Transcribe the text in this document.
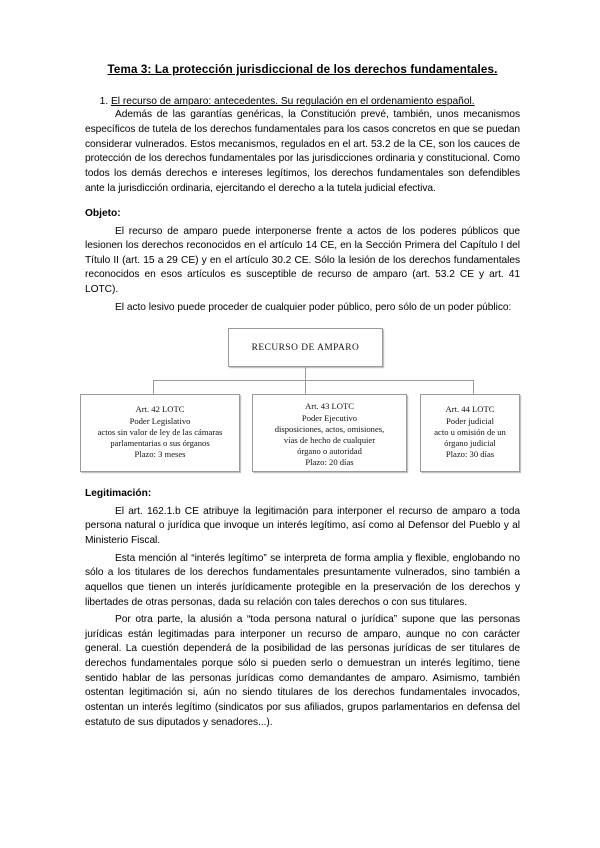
Tema 3: La protección jurisdiccional de los derechos fundamentales.
1. El recurso de amparo: antecedentes. Su regulación en el ordenamiento español.

Además de las garantías genéricas, la Constitución prevé, también, unos mecanismos específicos de tutela de los derechos fundamentales para los casos concretos en que se puedan considerar vulnerados. Estos mecanismos, regulados en el art. 53.2 de la CE, son los cauces de protección de los derechos fundamentales por las jurisdicciones ordinaria y constitucional. Como todos los demás derechos e intereses legítimos, los derechos fundamentales son defendibles ante la jurisdicción ordinaria, ejercitando el derecho a la tutela judicial efectiva.

Objeto:

El recurso de amparo puede interponerse frente a actos de los poderes públicos que lesionen los derechos reconocidos en el artículo 14 CE, en la Sección Primera del Capítulo I del Título II (art. 15 a 29 CE) y en el artículo 30.2 CE. Sólo la lesión de los derechos fundamentales reconocidos en esos artículos es susceptible de recurso de amparo (art. 53.2 CE y art. 41 LOTC).

El acto lesivo puede proceder de cualquier poder público, pero sólo de un poder público:

RECURSO DE AMPARO
Art. 42 LOTC
Poder Legislativo
actos sin valor de ley de las cámaras
parlamentarias o sus órganos
Plazo: 3 meses
Art. 43 LOTC
Poder Ejecutivo
disposiciones, actos, omisiones,
vías de hecho de cualquier
órgano o autoridad
Plazo: 20 días
Art. 44 LOTC
Poder judicial
acto u omisión de un
órgano judicial
Plazo: 30 días
Legitimación:

El art. 162.1.b CE atribuye la legitimación para interponer el recurso de amparo a toda persona natural o jurídica que invoque un interés legítimo, así como al Defensor del Pueblo y al Ministerio Fiscal.

Esta mención al “interés legítimo” se interpreta de forma amplia y flexible, englobando no sólo a los titulares de los derechos fundamentales presuntamente vulnerados, sino también a aquellos que tienen un interés jurídicamente protegible en la preservación de los derechos y libertades de otras personas, dada su relación con tales derechos o con sus titulares.

Por otra parte, la alusión a “toda persona natural o jurídica” supone que las personas jurídicas están legitimadas para interponer un recurso de amparo, aunque no con carácter general. La cuestión dependerá de la posibilidad de las personas jurídicas de ser titulares de derechos fundamentales porque sólo si pueden serlo o demuestran un interés legítimo, tiene sentido hablar de las personas jurídicas como demandantes de amparo. Asimismo, también ostentan legitimación si, aún no siendo titulares de los derechos fundamentales invocados, ostentan un interés legítimo (sindicatos por sus afiliados, grupos parlamentarios en defensa del estatuto de sus diputados y senadores...).
